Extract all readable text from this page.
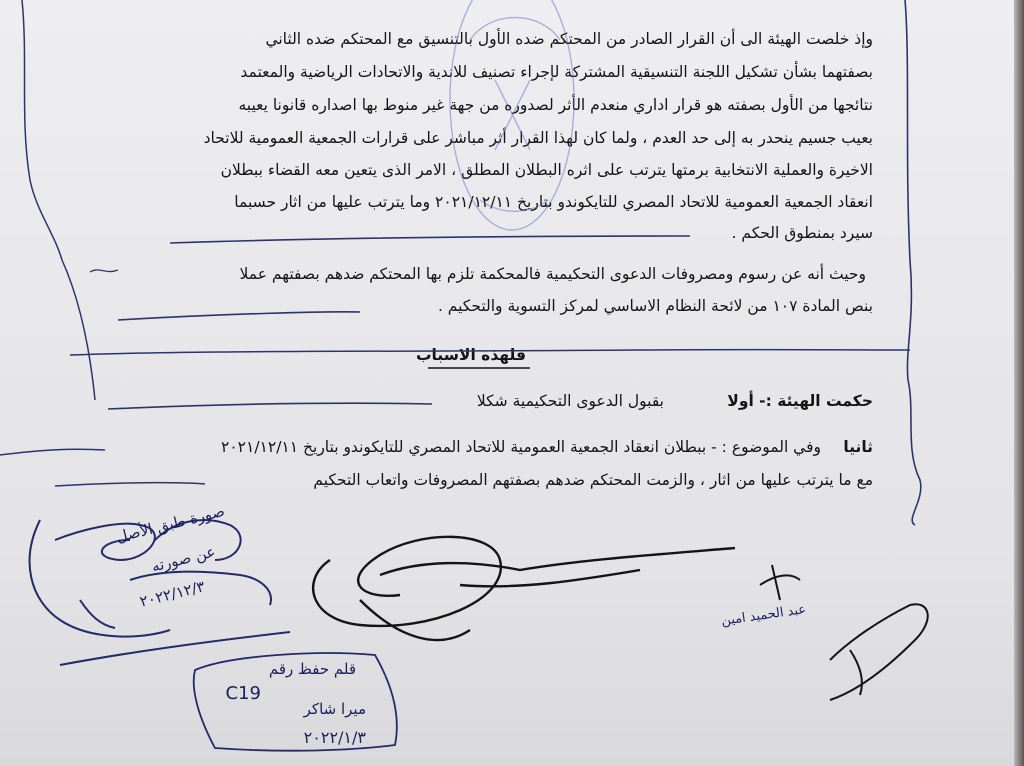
وإذ خلصت الهيئة الى أن القرار الصادر من المحتكم ضده الأول بالتنسيق مع المحتكم ضده الثاني
بصفتهما بشأن تشكيل اللجنة التنسيقية المشتركة لإجراء تصنيف للاندية والاتحادات الرياضية والمعتمد
نتائجها من الأول بصفته هو قرار اداري منعدم الأثر لصدوره من جهة غير منوط بها اصداره قانونا يعيبه
بعيب جسيم ينحدر به إلى حد العدم ، ولما كان لهذا القرار أثر مباشر على قرارات الجمعية العمومية للاتحاد
الاخيرة والعملية الانتخابية برمتها يترتب على اثره البطلان المطلق ، الامر الذى يتعين معه القضاء ببطلان
انعقاد الجمعية العمومية للاتحاد المصري للتايكوندو بتاريخ ٢٠٢١/١٢/١١ وما يترتب عليها من اثار حسبما
سيرد بمنطوق الحكم .
وحيث أنه عن رسوم ومصروفات الدعوى التحكيمية فالمحكمة تلزم بها المحتكم ضدهم بصفتهم عملا
بنص المادة ١٠٧ من لائحة النظام الاساسي لمركز التسوية والتحكيم .
فلهذه الاسباب
حكمت الهيئة :- أولا
بقبول الدعوى التحكيمية شكلا
ثانيا
وفي الموضوع : - ببطلان انعقاد الجمعية العمومية للاتحاد المصري للتايكوندو بتاريخ ٢٠٢١/١٢/١١
مع ما يترتب عليها من اثار ، والزمت المحتكم ضدهم بصفتهم المصروفات واتعاب التحكيم
صورة طبق الأصل
عن صورته
٢٠٢٢/١٢/٣
قلم حفظ رقم
C19
ميرا شاكر
٢٠٢٢/١/٣
عبد الحميد امين
